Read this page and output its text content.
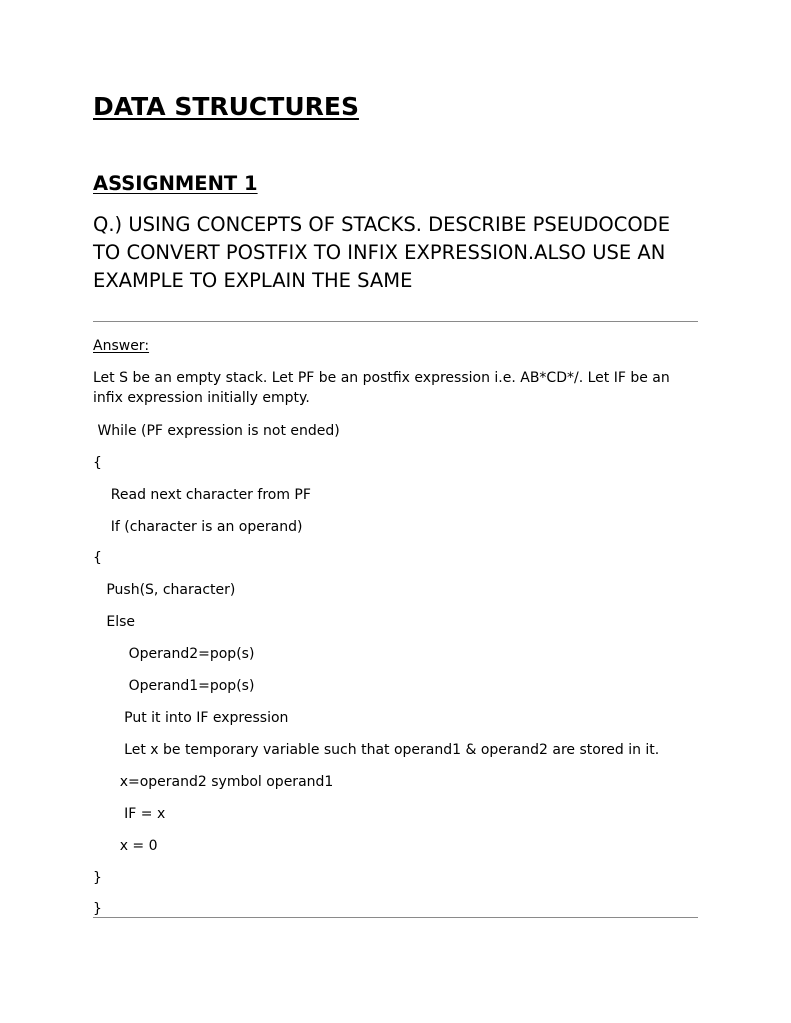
DATA STRUCTURES
ASSIGNMENT 1
Q.) USING CONCEPTS OF STACKS. DESCRIBE PSEUDOCODE TO CONVERT POSTFIX TO INFIX EXPRESSION.ALSO USE AN EXAMPLE TO EXPLAIN THE SAME
Answer:
Let S be an empty stack. Let PF be an postfix expression i.e. AB*CD*/. Let IF be an infix expression initially empty.
While (PF expression is not ended)
{
Read next character from PF
If (character is an operand)
{
Push(S, character)
Else
Operand2=pop(s)
Operand1=pop(s)
Put it into IF expression
Let x be temporary variable such that operand1 & operand2 are stored in it.
x=operand2 symbol operand1
IF = x
x = 0
}
}
